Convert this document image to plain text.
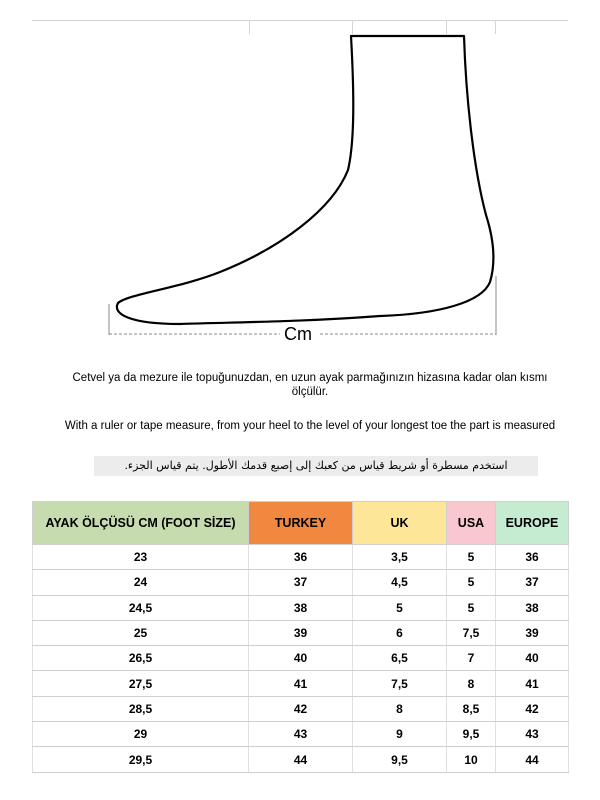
Cm
Cetvel ya da mezure ile topuğunuzdan, en uzun ayak parmağınızın hizasına kadar olan kısmı ölçülür.
With a ruler or tape measure, from your heel to the level of your longest toe the part is measured
استخدم مسطرة أو شريط قياس من كعبك إلى إصبع قدمك الأطول. يتم قياس الجزء.
AYAK ÖLÇÜSÜ CM (FOOT SİZE)	TURKEY	UK	USA	EUROPE
23	36	3,5	5	36
24	37	4,5	5	37
24,5	38	5	5	38
25	39	6	7,5	39
26,5	40	6,5	7	40
27,5	41	7,5	8	41
28,5	42	8	8,5	42
29	43	9	9,5	43
29,5	44	9,5	10	44
